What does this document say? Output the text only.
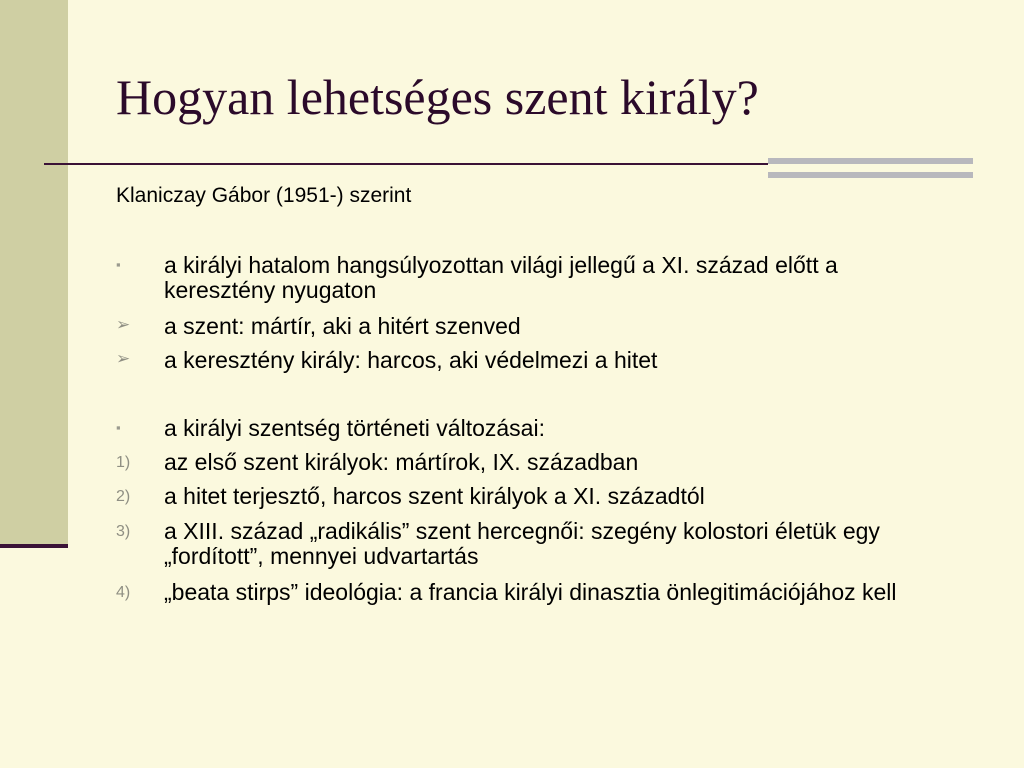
Hogyan lehetséges szent király?
Klaniczay Gábor (1951-) szerint
▪ a királyi hatalom hangsúlyozottan világi jellegű a XI. század előtt a keresztény nyugaton
➢ a szent: mártír, aki a hitért szenved
➢ a keresztény király: harcos, aki védelmezi a hitet
▪ a királyi szentség történeti változásai:
1) az első szent királyok: mártírok, IX. században
2) a hitet terjesztő, harcos szent királyok a XI. századtól
3) a XIII. század „radikális” szent hercegnői: szegény kolostori életük egy „fordított”, mennyei udvartartás
4) „beata stirps” ideológia: a francia királyi dinasztia önlegitimációjához kell
